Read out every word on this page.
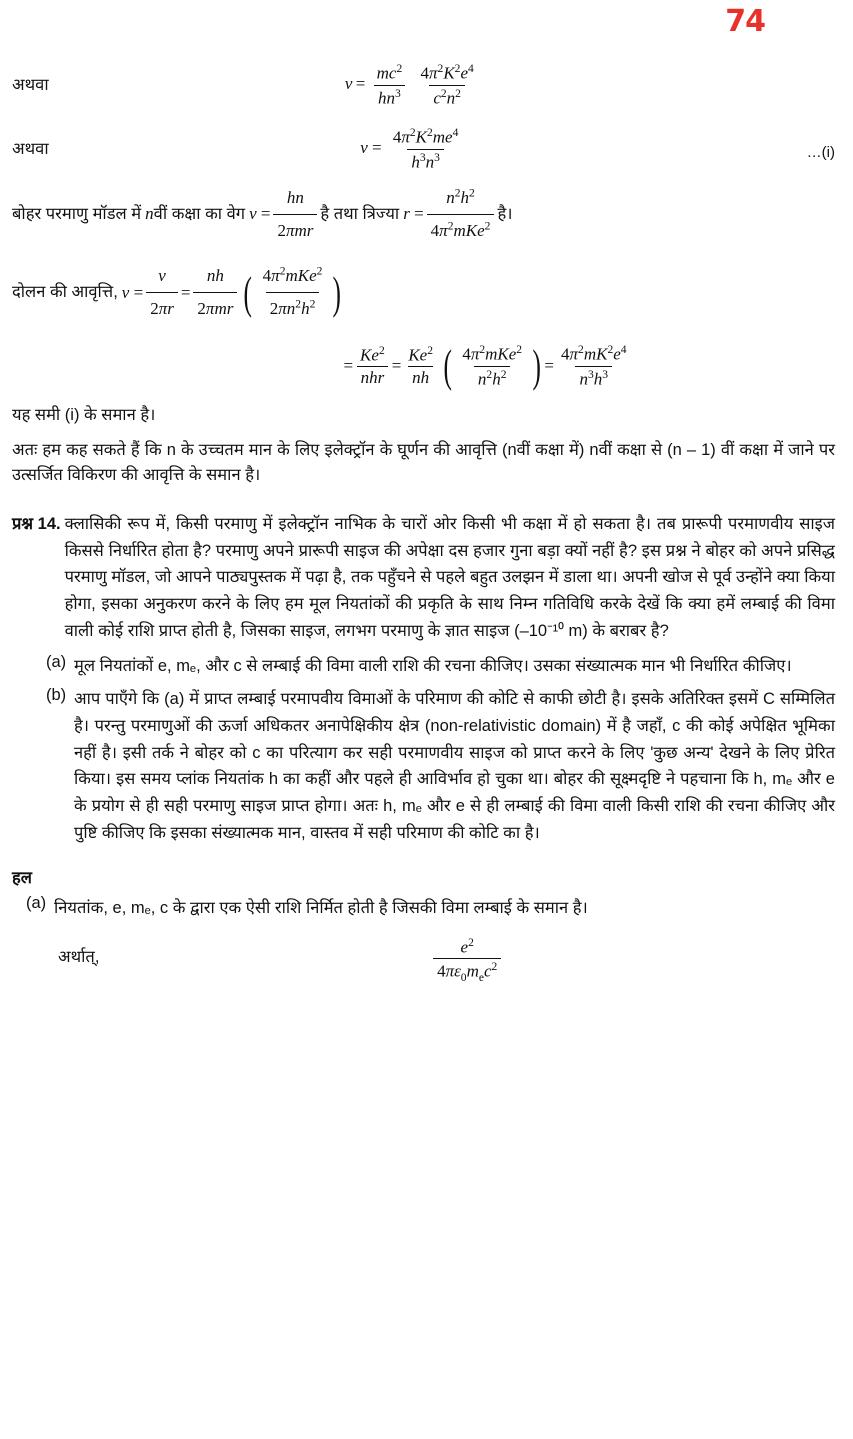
74
अथवा	$v = \frac{mc^2}{hn^3}$
$\frac{4\pi^2K^2e^4}{c^2n^2}$
अथवा	$v = \frac{4\pi^2K^2me^4}{h^3n^3}$	…(i)
बोहर परमाणु मॉडल में n वीं कक्षा का वेग $v = \frac{hn}{\text{2πmr}}$ है तथा त्रिज्या $r = \frac{n^2h^2}{4\pi^2mKe^2}$ है।
दोलन की आवृत्ति, $\nu = \frac{v}{2\pi r} = \frac{nh}{\text{2πmr}}$ ( $\frac{4\pi^2mKe^2}{2\pi n^2h^2}$ )
= $\frac{Ke^2}{\text{nhr}} = \frac{Ke^2}{nh}$ ( $\frac{4\pi^2mKe^2}{n^2h^2}$ ) = $\frac{4\pi^2mK^2e^4}{n^3h^3}$

यह समी (i) के समान है।

अतः हम कह सकते हैं कि n के उच्चतम मान के लिए इलेक्ट्रॉन के घूर्णन की आवृत्ति (nवीं कक्षा में) nवीं कक्षा से (n – 1) वीं कक्षा में जाने पर उत्सर्जित विकिरण की आवृत्ति के समान है।

प्रश्न 14. क्लासिकी रूप में, किसी परमाणु में इलेक्ट्रॉन नाभिक के चारों ओर किसी भी कक्षा में हो सकता है। तब प्रारूपी परमाणवीय साइज किससे निर्धारित होता है? परमाणु अपने प्रारूपी साइज की अपेक्षा दस हजार गुना बड़ा क्यों नहीं है? इस प्रश्न ने बोहर को अपने प्रसिद्ध परमाणु मॉडल, जो आपने पाठ्यपुस्तक में पढ़ा है, तक पहुँचने से पहले बहुत उलझन में डाला था। अपनी खोज से पूर्व उन्होंने क्या किया होगा, इसका अनुकरण करने के लिए हम मूल नियतांकों की प्रकृति के साथ निम्न गतिविधि करके देखें कि क्या हमें लम्बाई की विमा वाली कोई राशि प्राप्त होती है, जिसका साइज, लगभग परमाणु के ज्ञात साइज (–10⁻¹⁰ m) के बराबर है?
(a) मूल नियतांकों e, mₑ, और c से लम्बाई की विमा वाली राशि की रचना कीजिए। उसका संख्यात्मक मान भी निर्धारित कीजिए।
(b) आप पाएँगे कि (a) में प्राप्त लम्बाई परमापवीय विमाओं के परिमाण की कोटि से काफी छोटी है। इसके अतिरिक्त इसमें C सम्मिलित है। परन्तु परमाणुओं की ऊर्जा अधिकतर अनापेक्षिकीय क्षेत्र (non-relativistic domain) में है जहाँ, c की कोई अपेक्षित भूमिका नहीं है। इसी तर्क ने बोहर को c का परित्याग कर सही परमाणवीय साइज को प्राप्त करने के लिए 'कुछ अन्य' देखने के लिए प्रेरित किया। इस समय प्लांक नियतांक h का कहीं और पहले ही आविर्भाव हो चुका था। बोहर की सूक्ष्मदृष्टि ने पहचाना कि h, mₑ और e के प्रयोग से ही सही परमाणु साइज प्राप्त होगा। अतः h, mₑ और e से ही लम्बाई की विमा वाली किसी राशि की रचना कीजिए और पुष्टि कीजिए कि इसका संख्यात्मक मान, वास्तव में सही परिमाण की कोटि का है।
हल
(a) नियतांक, e, mₑ, c के द्वारा एक ऐसी राशि निर्मित होती है जिसकी विमा लम्बाई के समान है।
अर्थात्,	$\frac{e^2}{4\pi\varepsilon_0m_ec^2}$
